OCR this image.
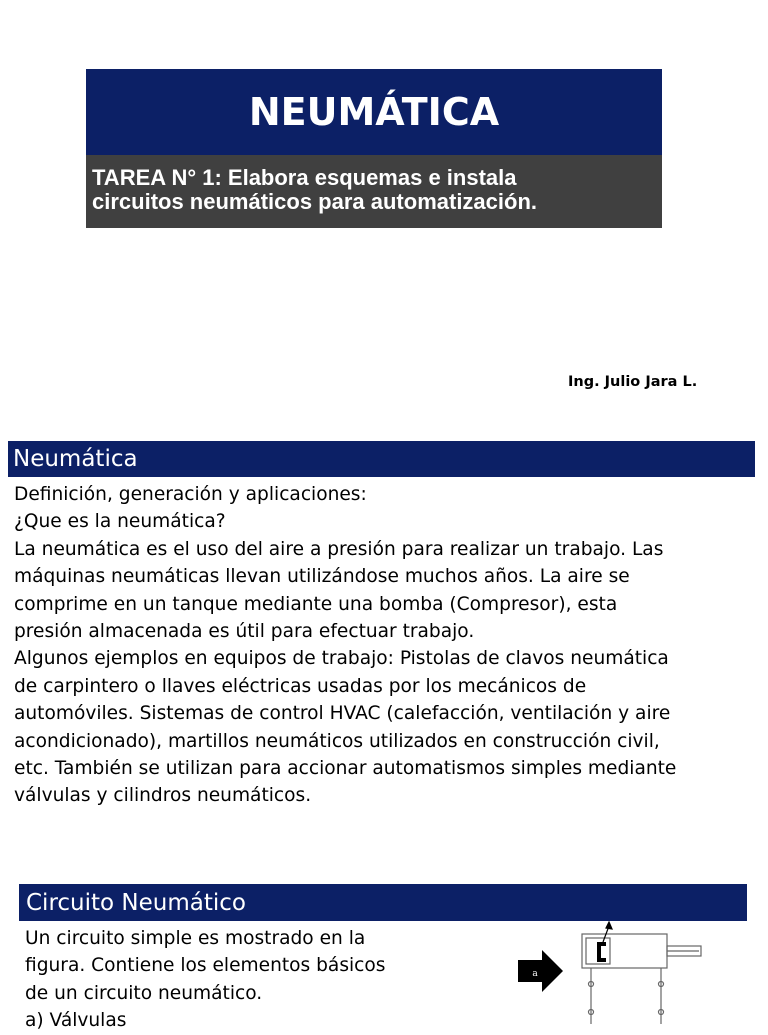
NEUMÁTICA
TAREA N° 1: Elabora esquemas e instala
circuitos neumáticos para automatización.
Ing. Julio Jara L.
Neumática

Definición, generación y aplicaciones:

¿Que es la neumática?

La neumática es el uso del aire a presión para realizar un trabajo. Las

máquinas neumáticas llevan utilizándose muchos años. La aire se

comprime en un tanque mediante una bomba (Compresor), esta

presión almacenada es útil para efectuar trabajo.

Algunos ejemplos en equipos de trabajo: Pistolas de clavos neumática

de carpintero o llaves eléctricas usadas por los mecánicos de

automóviles. Sistemas de control HVAC (calefacción, ventilación y aire

acondicionado), martillos neumáticos utilizados en construcción civil,

etc. También se utilizan para accionar automatismos simples mediante

válvulas y cilindros neumáticos.

Circuito Neumático

Un circuito simple es mostrado en la

figura. Contiene los elementos básicos

de un circuito neumático.

a) Válvulas

a
